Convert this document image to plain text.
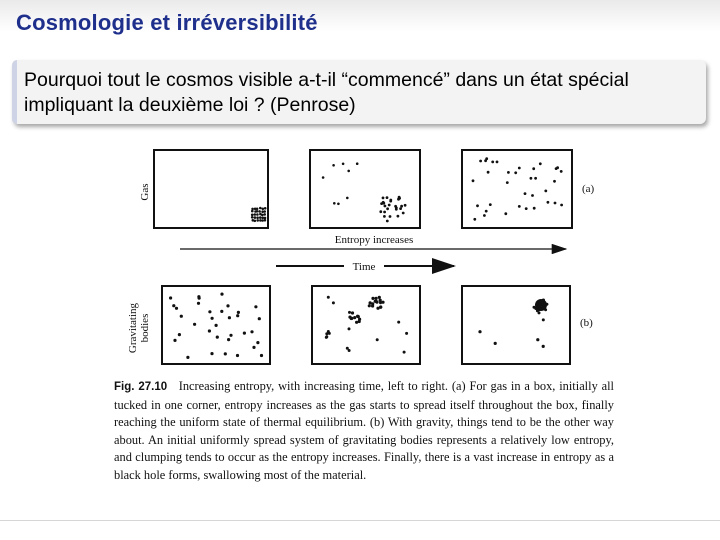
Cosmologie et irréversibilité
Pourquoi tout le cosmos visible a-t-il “commencé” dans un état spécial impliquant la deuxième loi ? (Penrose)
Gas	(a)
Entropy increases
Time
Gravitating bodies	(b)

Fig. 27.10 Increasing entropy, with increasing time, left to right. (a) For gas in a box, initially all tucked in one corner, entropy increases as the gas starts to spread itself throughout the box, finally reaching the uniform state of thermal equilibrium. (b) With gravity, things tend to be the other way about. An initial uniformly spread system of gravitating bodies represents a relatively low entropy, and clumping tends to occur as the entropy increases. Finally, there is a vast increase in entropy as a black hole forms, swallowing most of the material.
